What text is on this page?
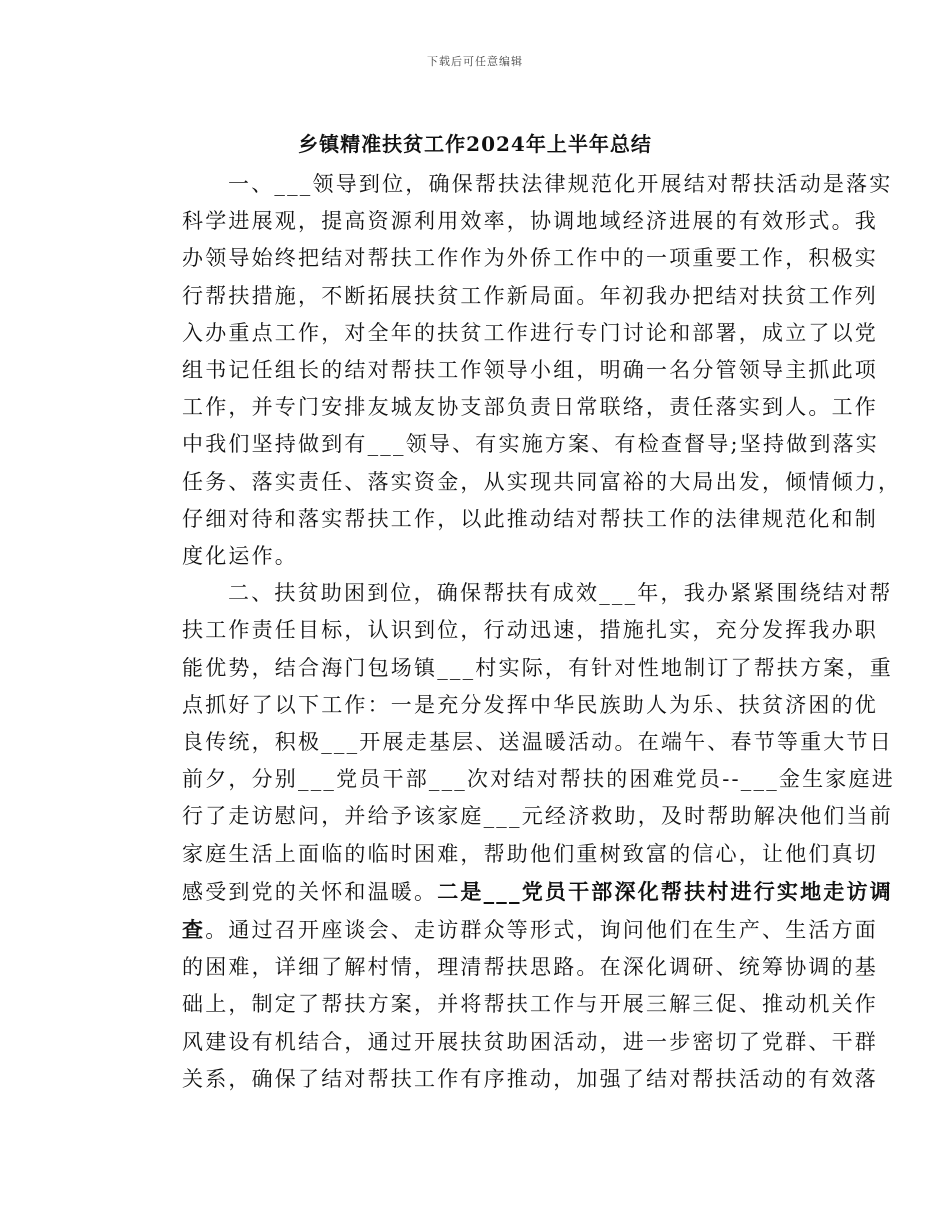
下载后可任意编辑
乡镇精准扶贫工作2024年上半年总结
一、___领导到位，确保帮扶法律规范化开展结对帮扶活动是落实
科学进展观，提高资源利用效率，协调地域经济进展的有效形式。我
办领导始终把结对帮扶工作作为外侨工作中的一项重要工作，积极实
行帮扶措施，不断拓展扶贫工作新局面。年初我办把结对扶贫工作列
入办重点工作，对全年的扶贫工作进行专门讨论和部署，成立了以党
组书记任组长的结对帮扶工作领导小组，明确一名分管领导主抓此项
工作，并专门安排友城友协支部负责日常联络，责任落实到人。工作
中我们坚持做到有___领导、有实施方案、有检查督导;坚持做到落实
任务、落实责任、落实资金，从实现共同富裕的大局出发，倾情倾力，
仔细对待和落实帮扶工作，以此推动结对帮扶工作的法律规范化和制
度化运作。
二、扶贫助困到位，确保帮扶有成效___年，我办紧紧围绕结对帮
扶工作责任目标，认识到位，行动迅速，措施扎实，充分发挥我办职
能优势，结合海门包场镇___村实际，有针对性地制订了帮扶方案，重
点抓好了以下工作：一是充分发挥中华民族助人为乐、扶贫济困的优
良传统，积极___开展走基层、送温暖活动。在端午、春节等重大节日
前夕，分别___党员干部___次对结对帮扶的困难党员--___金生家庭进
行了走访慰问，并给予该家庭___元经济救助，及时帮助解决他们当前
家庭生活上面临的临时困难，帮助他们重树致富的信心，让他们真切
感受到党的关怀和温暖。二是___党员干部深化帮扶村进行实地走访调
查。通过召开座谈会、走访群众等形式，询问他们在生产、生活方面
的困难，详细了解村情，理清帮扶思路。在深化调研、统筹协调的基
础上，制定了帮扶方案，并将帮扶工作与开展三解三促、推动机关作
风建设有机结合，通过开展扶贫助困活动，进一步密切了党群、干群
关系，确保了结对帮扶工作有序推动，加强了结对帮扶活动的有效落
